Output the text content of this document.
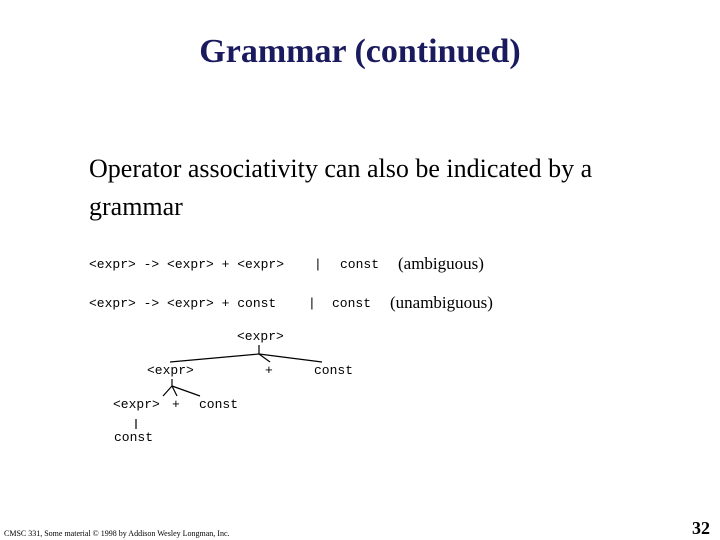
Grammar (continued)
Operator associativity can also be indicated by a grammar
<expr> -> <expr> + <expr> | const (ambiguous)
<expr> -> <expr> + const | const (unambiguous)
<expr>
<expr>	+	const
<expr> + const
const
CMSC 331, Some material © 1998 by Addison Wesley Longman, Inc.	32
